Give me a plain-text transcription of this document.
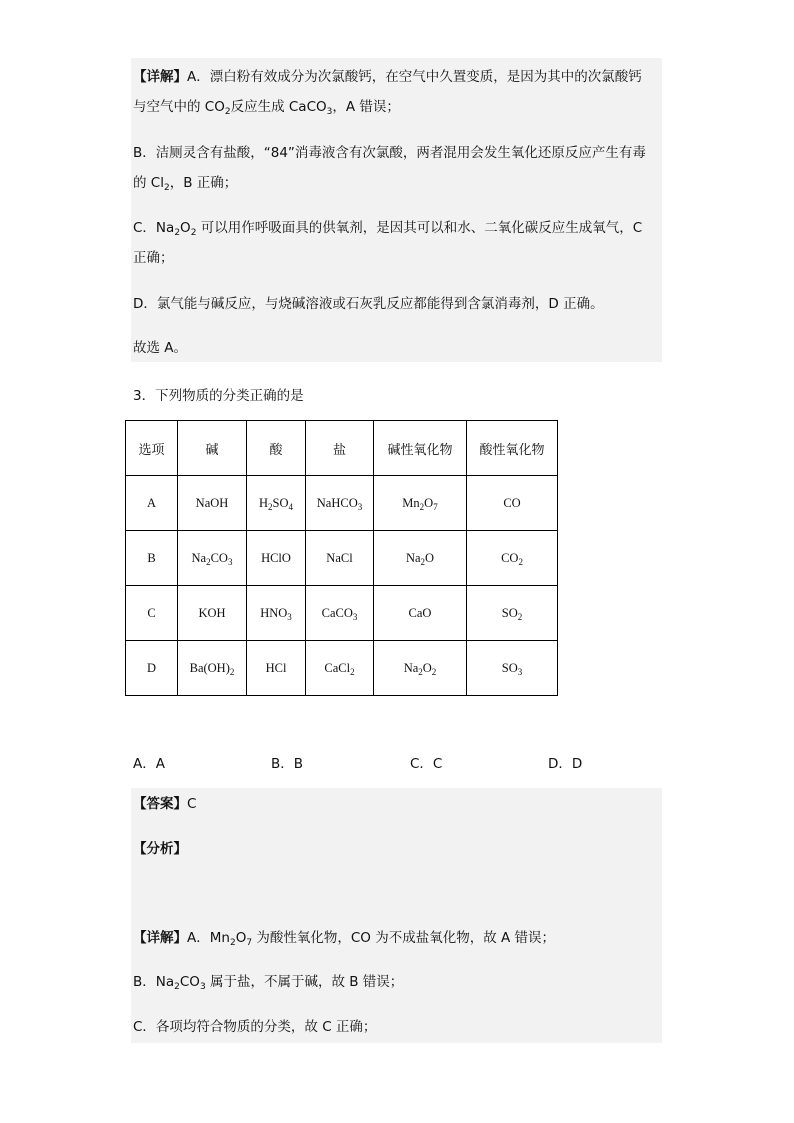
【详解】A．漂白粉有效成分为次氯酸钙，在空气中久置变质，是因为其中的次氯酸钙
与空气中的 $CO_2$反应生成 CaCO$_3$，A 错误；
B．洁厕灵含有盐酸，“84”消毒液含有次氯酸，两者混用会发生氧化还原反应产生有毒
的 $Cl_2$，B 正确；
C．$Na_2O_2$ 可以用作呼吸面具的供氧剂，是因其可以和水、二氧化碳反应生成氧气，C
正确；
D．氯气能与碱反应，与烧碱溶液或石灰乳反应都能得到含氯消毒剂，D 正确。
故选 A。
3．下列物质的分类正确的是
选项	碱	酸	盐	碱性氧化物	酸性氧化物
A	NaOH	$H_2SO_4$	NaHCO$_3$	$Mn_2O_7$	CO
B	$Na_2CO_3$	HClO	NaCl	$Na_2O$	$CO_2$
C	KOH	$HNO_3$	CaCO$_3$	CaO	$SO_2$
D	$Ba(OH)_2$	HCl	CaCl$_2$	$Na_2O_2$	$SO_3$
A．A	B．B	C．C	D．D
【答案】C
【分析】
【详解】A．$Mn_2O_7$ 为酸性氧化物，CO 为不成盐氧化物，故 A 错误；
B．$Na_2CO_3$ 属于盐，不属于碱，故 B 错误；
C．各项均符合物质的分类，故 C 正确；
